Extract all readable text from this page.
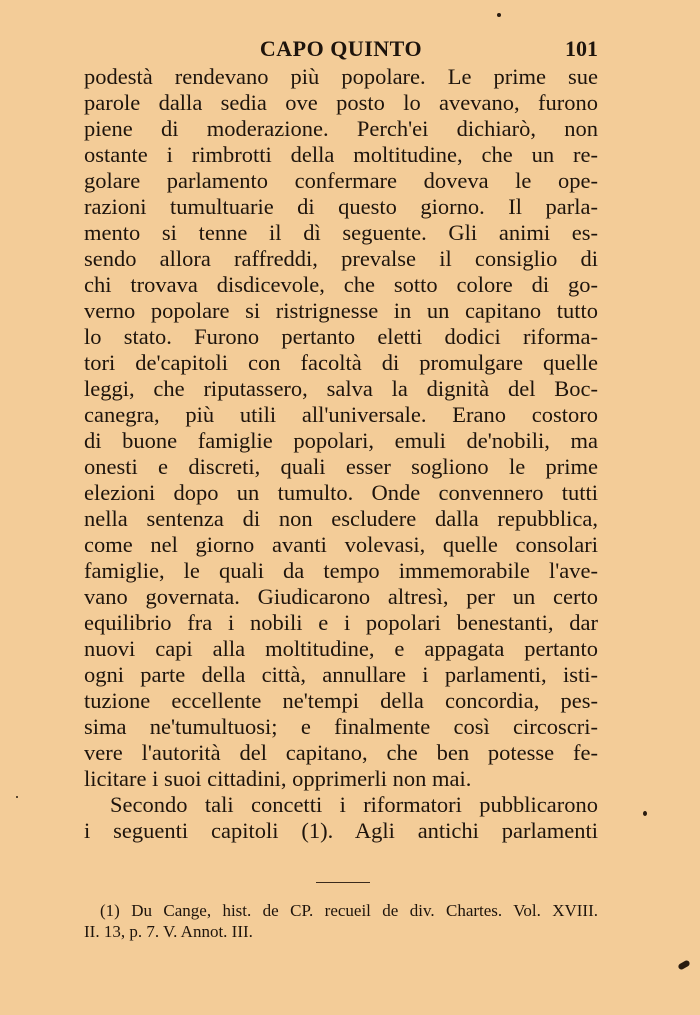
CAPO QUINTO	101
podestà rendevano più popolare. Le prime sue
parole dalla sedia ove posto lo avevano, furono
piene di moderazione. Perch'ei dichiarò, non
ostante i rimbrotti della moltitudine, che un re-
golare parlamento confermare doveva le ope-
razioni tumultuarie di questo giorno. Il parla-
mento si tenne il dì seguente. Gli animi es-
sendo allora raffreddi, prevalse il consiglio di
chi trovava disdicevole, che sotto colore di go-
verno popolare si ristrignesse in un capitano tutto
lo stato. Furono pertanto eletti dodici riforma-
tori de'capitoli con facoltà di promulgare quelle
leggi, che riputassero, salva la dignità del Boc-
canegra, più utili all'universale. Erano costoro
di buone famiglie popolari, emuli de'nobili, ma
onesti e discreti, quali esser sogliono le prime
elezioni dopo un tumulto. Onde convennero tutti
nella sentenza di non escludere dalla repubblica,
come nel giorno avanti volevasi, quelle consolari
famiglie, le quali da tempo immemorabile l'ave-
vano governata. Giudicarono altresì, per un certo
equilibrio fra i nobili e i popolari benestanti, dar
nuovi capi alla moltitudine, e appagata pertanto
ogni parte della città, annullare i parlamenti, isti-
tuzione eccellente ne'tempi della concordia, pes-
sima ne'tumultuosi; e finalmente così circoscri-
vere l'autorità del capitano, che ben potesse fe-
licitare i suoi cittadini, opprimerli non mai.
Secondo tali concetti i riformatori pubblicarono
i seguenti capitoli (1). Agli antichi parlamenti
(1) Du Cange, hist. de CP. recueil de div. Chartes. Vol. XVIII.
II. 13, p. 7. V. Annot. III.
